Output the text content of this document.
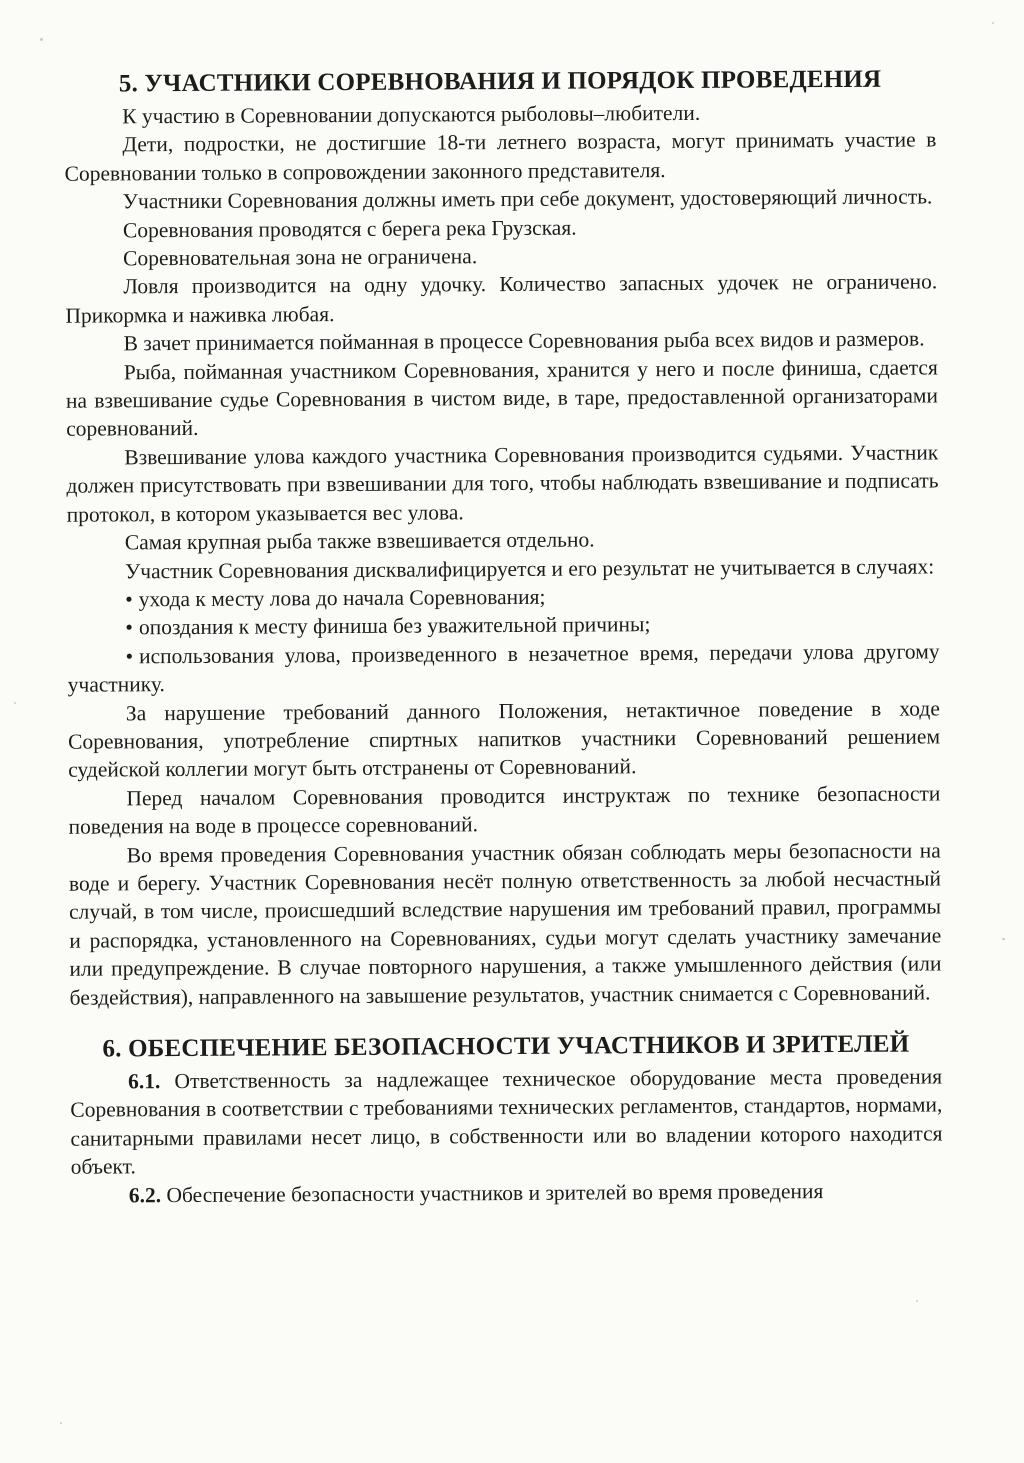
5. УЧАСТНИКИ СОРЕВНОВАНИЯ И ПОРЯДОК ПРОВЕДЕНИЯ

К участию в Соревновании допускаются рыболовы–любители.

Дети, подростки, не достигшие 18-ти летнего возраста, могут принимать участие в Соревновании только в сопровождении законного представителя.

Участники Соревнования должны иметь при себе документ, удостоверяющий личность.

Соревнования проводятся с берега река Грузская.

Соревновательная зона не ограничена.

Ловля производится на одну удочку. Количество запасных удочек не ограничено. Прикормка и наживка любая.

В зачет принимается пойманная в процессе Соревнования рыба всех видов и размеров.

Рыба, пойманная участником Соревнования, хранится у него и после финиша, сдается на взвешивание судье Соревнования в чистом виде, в таре, предоставленной организаторами соревнований.

Взвешивание улова каждого участника Соревнования производится судьями. Участник должен присутствовать при взвешивании для того, чтобы наблюдать взвешивание и подписать протокол, в котором указывается вес улова.

Самая крупная рыба также взвешивается отдельно.

Участник Соревнования дисквалифицируется и его результат не учитывается в случаях:

• ухода к месту лова до начала Соревнования;

• опоздания к месту финиша без уважительной причины;

• использования улова, произведенного в незачетное время, передачи улова другому участнику.

За нарушение требований данного Положения, нетактичное поведение в ходе Соревнования, употребление спиртных напитков участники Соревнований решением судейской коллегии могут быть отстранены от Соревнований.

Перед началом Соревнования проводится инструктаж по технике безопасности поведения на воде в процессе соревнований.

Во время проведения Соревнования участник обязан соблюдать меры безопасности на воде и берегу. Участник Соревнования несёт полную ответственность за любой несчастный случай, в том числе, происшедший вследствие нарушения им требований правил, программы и распорядка, установленного на Соревнованиях, судьи могут сделать участнику замечание или предупреждение. В случае повторного нарушения, а также умышленного действия (или бездействия), направленного на завышение результатов, участник снимается с Соревнований.

6. ОБЕСПЕЧЕНИЕ БЕЗОПАСНОСТИ УЧАСТНИКОВ И ЗРИТЕЛЕЙ

6.1. Ответственность за надлежащее техническое оборудование места проведения Соревнования в соответствии с требованиями технических регламентов, стандартов, нормами, санитарными правилами несет лицо, в собственности или во владении которого находится объект.

6.2. Обеспечение безопасности участников и зрителей во время проведения
